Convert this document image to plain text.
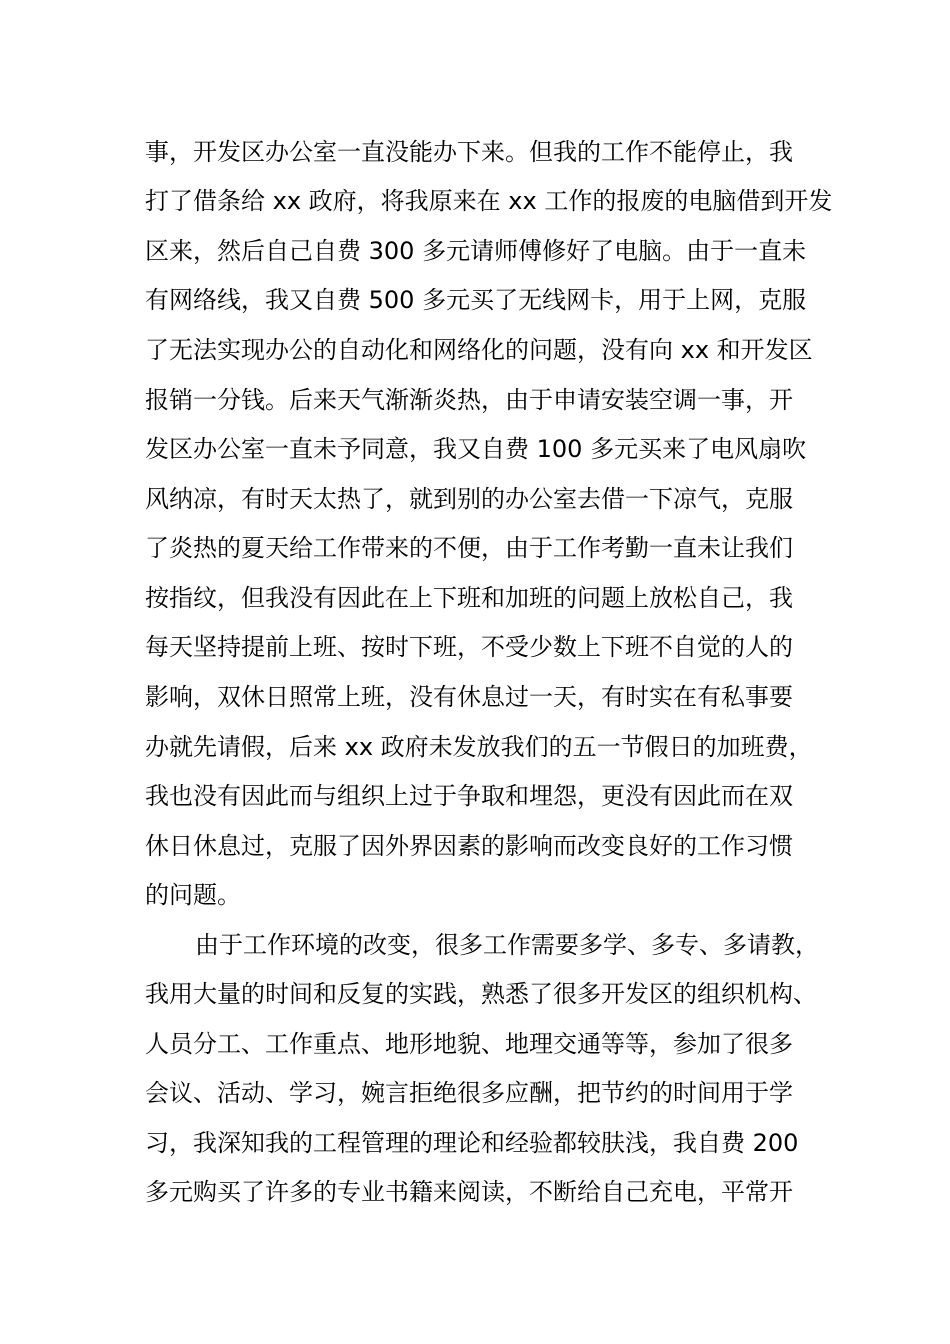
事，开发区办公室一直没能办下来。但我的工作不能停止，我
打了借条给 xx 政府，将我原来在 xx 工作的报废的电脑借到开发
区来，然后自己自费 300 多元请师傅修好了电脑。由于一直未
有网络线，我又自费 500 多元买了无线网卡，用于上网，克服
了无法实现办公的自动化和网络化的问题，没有向 xx 和开发区
报销一分钱。后来天气渐渐炎热，由于申请安装空调一事，开
发区办公室一直未予同意，我又自费 100 多元买来了电风扇吹
风纳凉，有时天太热了，就到别的办公室去借一下凉气，克服
了炎热的夏天给工作带来的不便，由于工作考勤一直未让我们
按指纹，但我没有因此在上下班和加班的问题上放松自己，我
每天坚持提前上班、按时下班，不受少数上下班不自觉的人的
影响，双休日照常上班，没有休息过一天，有时实在有私事要
办就先请假，后来 xx 政府未发放我们的五一节假日的加班费，
我也没有因此而与组织上过于争取和埋怨，更没有因此而在双
休日休息过，克服了因外界因素的影响而改变良好的工作习惯
的问题。
由于工作环境的改变，很多工作需要多学、多专、多请教，
我用大量的时间和反复的实践，熟悉了很多开发区的组织机构、
人员分工、工作重点、地形地貌、地理交通等等，参加了很多
会议、活动、学习，婉言拒绝很多应酬，把节约的时间用于学
习，我深知我的工程管理的理论和经验都较肤浅，我自费 200
多元购买了许多的专业书籍来阅读，不断给自己充电，平常开
